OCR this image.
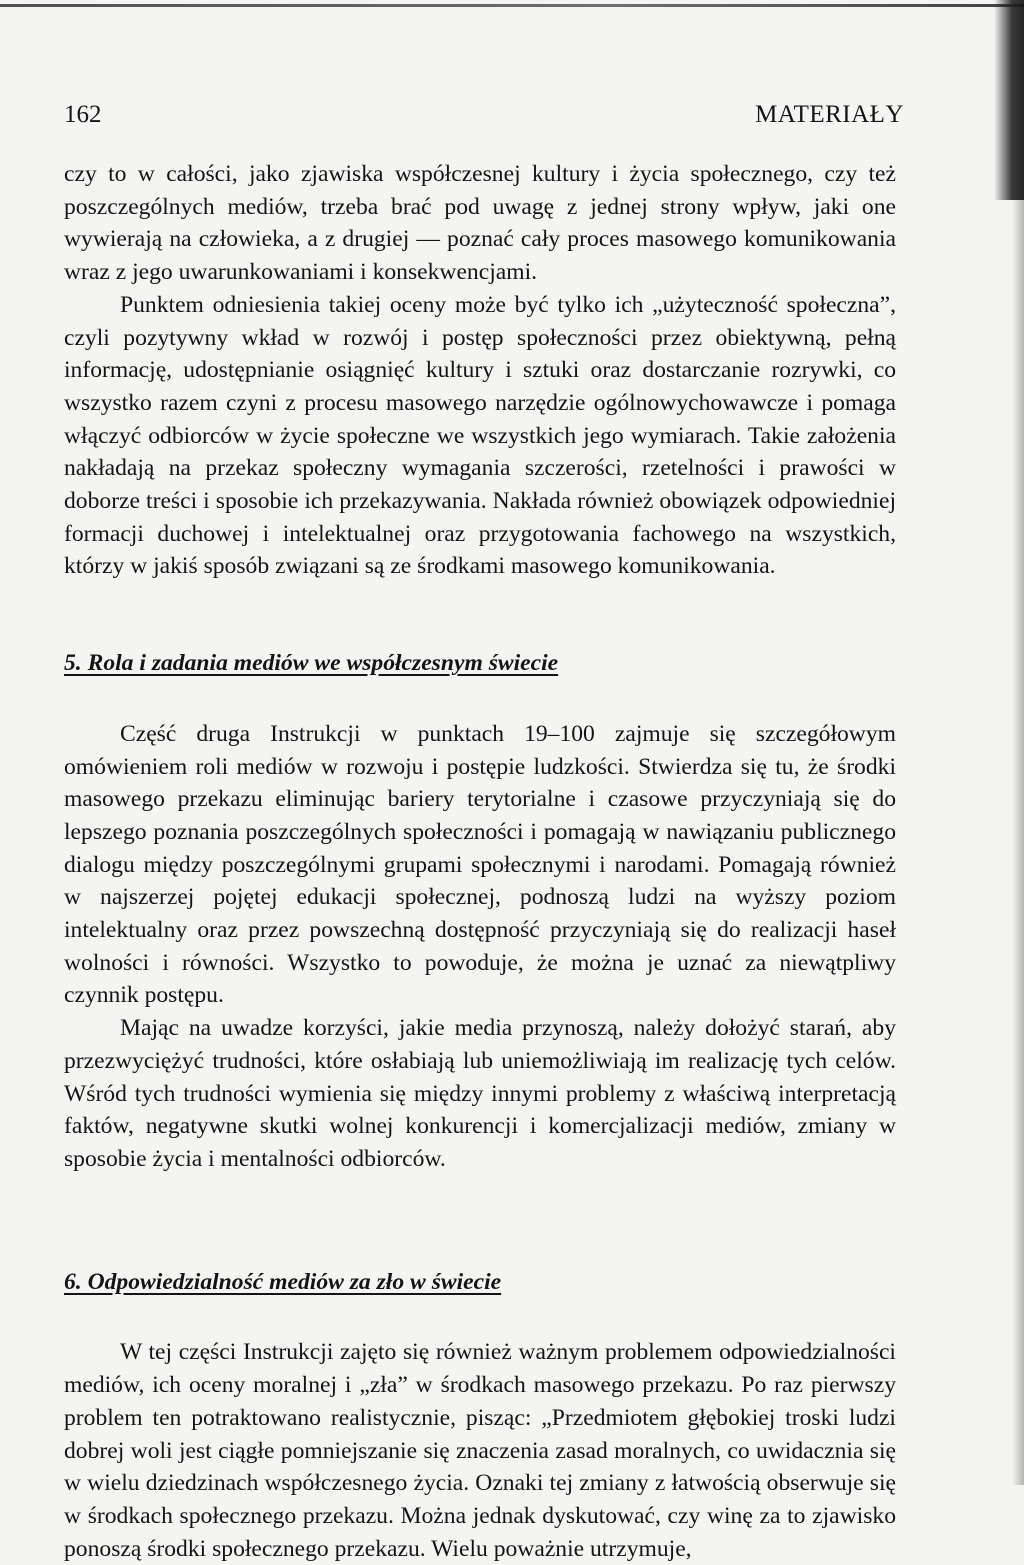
162	MATERIAŁY

czy to w całości, jako zjawiska współczesnej kultury i życia społecznego, czy też poszczególnych mediów, trzeba brać pod uwagę z jednej strony wpływ, jaki one wywierają na człowieka, a z drugiej — poznać cały proces masowego komunikowania wraz z jego uwarunkowaniami i konsekwencjami.

Punktem odniesienia takiej oceny może być tylko ich „użyteczność społeczna”, czyli pozytywny wkład w rozwój i postęp społeczności przez obiektywną, pełną informację, udostępnianie osiągnięć kultury i sztuki oraz dostarczanie rozrywki, co wszystko razem czyni z procesu masowego narzędzie ogólnowychowawcze i pomaga włączyć odbiorców w życie społeczne we wszystkich jego wymiarach. Takie założenia nakładają na przekaz społeczny wymagania szczerości, rzetelności i prawości w doborze treści i sposobie ich przekazywania. Nakłada również obowiązek odpowiedniej formacji duchowej i intelektualnej oraz przygotowania fachowego na wszystkich, którzy w jakiś sposób związani są ze środkami masowego komunikowania.

5. Rola i zadania mediów we współczesnym świecie

Część druga Instrukcji w punktach 19–100 zajmuje się szczegółowym omówieniem roli mediów w rozwoju i postępie ludzkości. Stwierdza się tu, że środki masowego przekazu eliminując bariery terytorialne i czasowe przyczyniają się do lepszego poznania poszczególnych społeczności i pomagają w nawiązaniu publicznego dialogu między poszczególnymi grupami społecznymi i narodami. Pomagają również w najszerzej pojętej edukacji społecznej, podnoszą ludzi na wyższy poziom intelektualny oraz przez powszechną dostępność przyczyniają się do realizacji haseł wolności i równości. Wszystko to powoduje, że można je uznać za niewątpliwy czynnik postępu.

Mając na uwadze korzyści, jakie media przynoszą, należy dołożyć starań, aby przezwyciężyć trudności, które osłabiają lub uniemożliwiają im realizację tych celów. Wśród tych trudności wymienia się między innymi problemy z właściwą interpretacją faktów, negatywne skutki wolnej konkurencji i komercjalizacji mediów, zmiany w sposobie życia i mentalności odbiorców.

6. Odpowiedzialność mediów za zło w świecie

W tej części Instrukcji zajęto się również ważnym problemem odpowiedzialności mediów, ich oceny moralnej i „zła” w środkach masowego przekazu. Po raz pierwszy problem ten potraktowano realistycznie, pisząc: „Przedmiotem głębokiej troski ludzi dobrej woli jest ciągłe pomniejszanie się znaczenia zasad moralnych, co uwidacznia się w wielu dziedzinach współczesnego życia. Oznaki tej zmiany z łatwością obserwuje się w środkach społecznego przekazu. Można jednak dyskutować, czy winę za to zjawisko ponoszą środki społecznego przekazu. Wielu poważnie utrzymuje,
